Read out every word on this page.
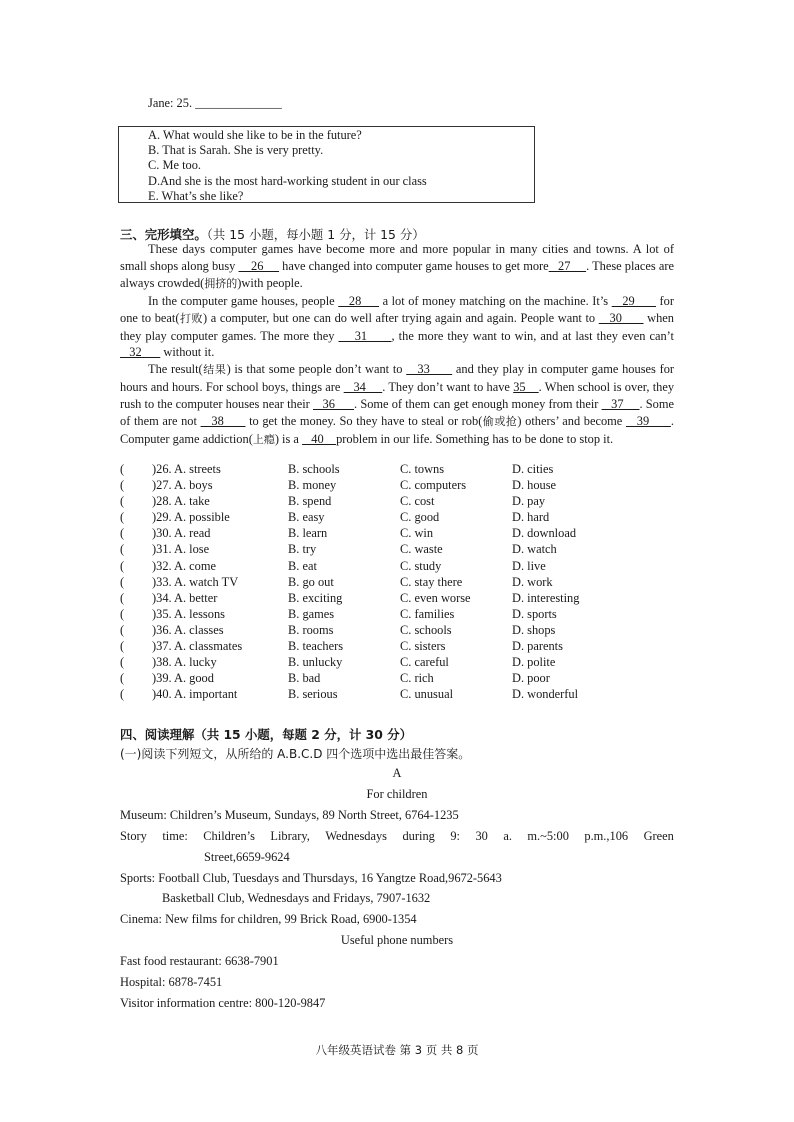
Jane: 25. ______________
A. What would she like to be in the future?
B. That is Sarah. She is very pretty.
C. Me too.
D.And she is the most hard-working student in our class
E. What’s she like?
三、完形填空。（共 15 小题，每小题 1 分，计 15 分）

These days computer games have become more and more popular in many cities and towns. A lot of small shops along busy     26      have changed into computer game houses to get more   27     . These places are always crowded(拥挤的)with people.

In the computer game houses, people    28      a lot of money matching on the machine. It’s    29       for one to beat(打败) a computer, but one can do well after trying again and again. People want to    30       when they play computer games. The more they     31      , the more they want to win, and at last they even can’t    32       without it.

The result(结果) is that some people don’t want to    33       and they play in computer game houses for hours and hours. For school boys, things are    34     . They don’t want to have 35    . When school is over, they rush to the computer houses near their    36      . Some of them can get enough money from their    37     . Some of them are not    38       to get the money. So they have to steal or rob(偷或抢) others’ and become    39      . Computer game addiction(上瘾) is a    40    problem in our life. Something has to be done to stop it.

( )26. A. streets	B. schools	C. towns	D. cities
( )27. A. boys	B. money	C. computers	D. house
( )28. A. take	B. spend	C. cost	D. pay
( )29. A. possible	B. easy	C. good	D. hard
( )30. A. read	B. learn	C. win	D. download
( )31. A. lose	B. try	C. waste	D. watch
( )32. A. come	B. eat	C. study	D. live
( )33. A. watch TV	B. go out	C. stay there	D. work
( )34. A. better	B. exciting	C. even worse	D. interesting
( )35. A. lessons	B. games	C. families	D. sports
( )36. A. classes	B. rooms	C. schools	D. shops
( )37. A. classmates	B. teachers	C. sisters	D. parents
( )38. A. lucky	B. unlucky	C. careful	D. polite
( )39. A. good	B. bad	C. rich	D. poor
( )40. A. important	B. serious	C. unusual	D. wonderful
四、阅读理解（共 15 小题，每题 2 分，计 30 分）
(一)阅读下列短文，从所给的 A.B.C.D 四个选项中选出最佳答案。
A
For children
Museum: Children’s Museum, Sundays, 89 North Street, 6764-1235
Story time: Children’s Library, Wednesdays during 9: 30 a. m.~5:00 p.m.,106 Green
Street,6659-9624
Sports: Football Club, Tuesdays and Thursdays, 16 Yangtze Road,9672-5643
Basketball Club, Wednesdays and Fridays, 7907-1632
Cinema: New films for children, 99 Brick Road, 6900-1354
Useful phone numbers
Fast food restaurant: 6638-7901
Hospital: 6878-7451
Visitor information centre: 800-120-9847
八年级英语试卷 第 3 页 共 8 页
